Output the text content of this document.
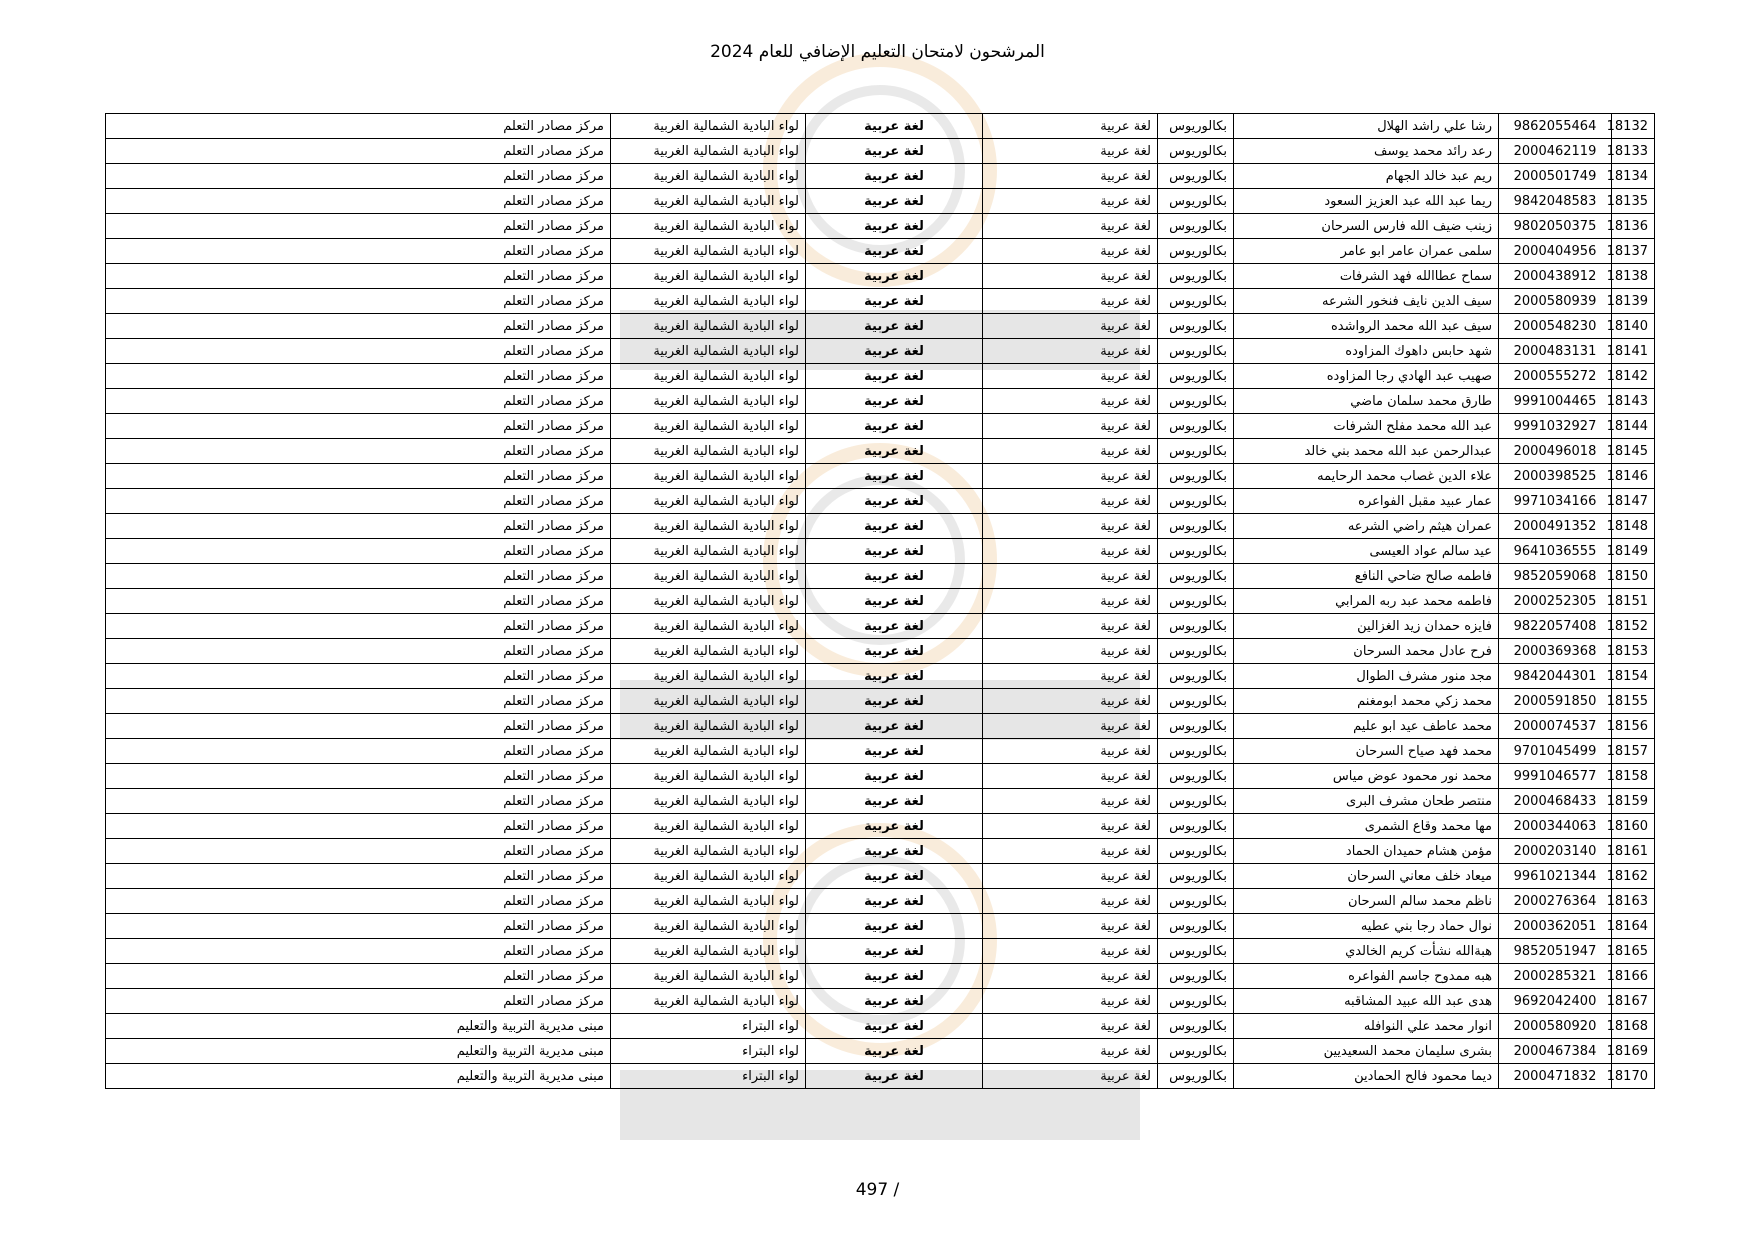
المرشحون لامتحان التعليم الإضافي للعام 2024
18132	9862055464	رشا علي راشد الهلال	بكالوريوس	لغة عربية	لغة عربية	لواء البادية الشمالية الغربية	مركز مصادر التعلم
18133	2000462119	رعد رائد محمد يوسف	بكالوريوس	لغة عربية	لغة عربية	لواء البادية الشمالية الغربية	مركز مصادر التعلم
18134	2000501749	ريم عبد خالد الجهام	بكالوريوس	لغة عربية	لغة عربية	لواء البادية الشمالية الغربية	مركز مصادر التعلم
18135	9842048583	ريما عبد الله عبد العزيز السعود	بكالوريوس	لغة عربية	لغة عربية	لواء البادية الشمالية الغربية	مركز مصادر التعلم
18136	9802050375	زينب ضيف الله فارس السرحان	بكالوريوس	لغة عربية	لغة عربية	لواء البادية الشمالية الغربية	مركز مصادر التعلم
18137	2000404956	سلمى عمران عامر ابو عامر	بكالوريوس	لغة عربية	لغة عربية	لواء البادية الشمالية الغربية	مركز مصادر التعلم
18138	2000438912	سماح عطاالله فهد الشرفات	بكالوريوس	لغة عربية	لغة عربية	لواء البادية الشمالية الغربية	مركز مصادر التعلم
18139	2000580939	سيف الدين نايف فنخور الشرعه	بكالوريوس	لغة عربية	لغة عربية	لواء البادية الشمالية الغربية	مركز مصادر التعلم
18140	2000548230	سيف عبد الله محمد الرواشده	بكالوريوس	لغة عربية	لغة عربية	لواء البادية الشمالية الغربية	مركز مصادر التعلم
18141	2000483131	شهد حابس داهوك المزاوده	بكالوريوس	لغة عربية	لغة عربية	لواء البادية الشمالية الغربية	مركز مصادر التعلم
18142	2000555272	صهيب عبد الهادي رجا المزاوده	بكالوريوس	لغة عربية	لغة عربية	لواء البادية الشمالية الغربية	مركز مصادر التعلم
18143	9991004465	طارق محمد سلمان ماضي	بكالوريوس	لغة عربية	لغة عربية	لواء البادية الشمالية الغربية	مركز مصادر التعلم
18144	9991032927	عبد الله محمد مفلح الشرفات	بكالوريوس	لغة عربية	لغة عربية	لواء البادية الشمالية الغربية	مركز مصادر التعلم
18145	2000496018	عبدالرحمن عبد الله محمد بني خالد	بكالوريوس	لغة عربية	لغة عربية	لواء البادية الشمالية الغربية	مركز مصادر التعلم
18146	2000398525	علاء الدين غصاب محمد الرحايمه	بكالوريوس	لغة عربية	لغة عربية	لواء البادية الشمالية الغربية	مركز مصادر التعلم
18147	9971034166	عمار عبيد مقبل الفواعره	بكالوريوس	لغة عربية	لغة عربية	لواء البادية الشمالية الغربية	مركز مصادر التعلم
18148	2000491352	عمران هيثم راضي الشرعه	بكالوريوس	لغة عربية	لغة عربية	لواء البادية الشمالية الغربية	مركز مصادر التعلم
18149	9641036555	عيد سالم عواد العيسى	بكالوريوس	لغة عربية	لغة عربية	لواء البادية الشمالية الغربية	مركز مصادر التعلم
18150	9852059068	فاطمه صالح ضاحي النافع	بكالوريوس	لغة عربية	لغة عربية	لواء البادية الشمالية الغربية	مركز مصادر التعلم
18151	2000252305	فاطمه محمد عبد ربه المرابي	بكالوريوس	لغة عربية	لغة عربية	لواء البادية الشمالية الغربية	مركز مصادر التعلم
18152	9822057408	فايزه حمدان زيد الغزالين	بكالوريوس	لغة عربية	لغة عربية	لواء البادية الشمالية الغربية	مركز مصادر التعلم
18153	2000369368	فرح عادل محمد السرحان	بكالوريوس	لغة عربية	لغة عربية	لواء البادية الشمالية الغربية	مركز مصادر التعلم
18154	9842044301	مجد منور مشرف الطوال	بكالوريوس	لغة عربية	لغة عربية	لواء البادية الشمالية الغربية	مركز مصادر التعلم
18155	2000591850	محمد زكي محمد ابومغنم	بكالوريوس	لغة عربية	لغة عربية	لواء البادية الشمالية الغربية	مركز مصادر التعلم
18156	2000074537	محمد عاطف عيد ابو عليم	بكالوريوس	لغة عربية	لغة عربية	لواء البادية الشمالية الغربية	مركز مصادر التعلم
18157	9701045499	محمد فهد صياح السرحان	بكالوريوس	لغة عربية	لغة عربية	لواء البادية الشمالية الغربية	مركز مصادر التعلم
18158	9991046577	محمد نور محمود عوض مياس	بكالوريوس	لغة عربية	لغة عربية	لواء البادية الشمالية الغربية	مركز مصادر التعلم
18159	2000468433	منتصر طحان مشرف البرى	بكالوريوس	لغة عربية	لغة عربية	لواء البادية الشمالية الغربية	مركز مصادر التعلم
18160	2000344063	مها محمد وقاع الشمرى	بكالوريوس	لغة عربية	لغة عربية	لواء البادية الشمالية الغربية	مركز مصادر التعلم
18161	2000203140	مؤمن هشام حميدان الحماد	بكالوريوس	لغة عربية	لغة عربية	لواء البادية الشمالية الغربية	مركز مصادر التعلم
18162	9961021344	ميعاد خلف معاني السرحان	بكالوريوس	لغة عربية	لغة عربية	لواء البادية الشمالية الغربية	مركز مصادر التعلم
18163	2000276364	ناظم محمد سالم السرحان	بكالوريوس	لغة عربية	لغة عربية	لواء البادية الشمالية الغربية	مركز مصادر التعلم
18164	2000362051	نوال حماد رجا بني عطيه	بكالوريوس	لغة عربية	لغة عربية	لواء البادية الشمالية الغربية	مركز مصادر التعلم
18165	9852051947	هبةالله نشأت كريم الخالدي	بكالوريوس	لغة عربية	لغة عربية	لواء البادية الشمالية الغربية	مركز مصادر التعلم
18166	2000285321	هبه ممدوح جاسم الفواعره	بكالوريوس	لغة عربية	لغة عربية	لواء البادية الشمالية الغربية	مركز مصادر التعلم
18167	9692042400	هدى عبد الله عبيد المشاقبه	بكالوريوس	لغة عربية	لغة عربية	لواء البادية الشمالية الغربية	مركز مصادر التعلم
18168	2000580920	انوار محمد علي النوافله	بكالوريوس	لغة عربية	لغة عربية	لواء البتراء	مبنى مديرية التربية والتعليم
18169	2000467384	بشرى سليمان محمد السعيديين	بكالوريوس	لغة عربية	لغة عربية	لواء البتراء	مبنى مديرية التربية والتعليم
18170	2000471832	ديما محمود فالح الحمادين	بكالوريوس	لغة عربية	لغة عربية	لواء البتراء	مبنى مديرية التربية والتعليم
497 /
